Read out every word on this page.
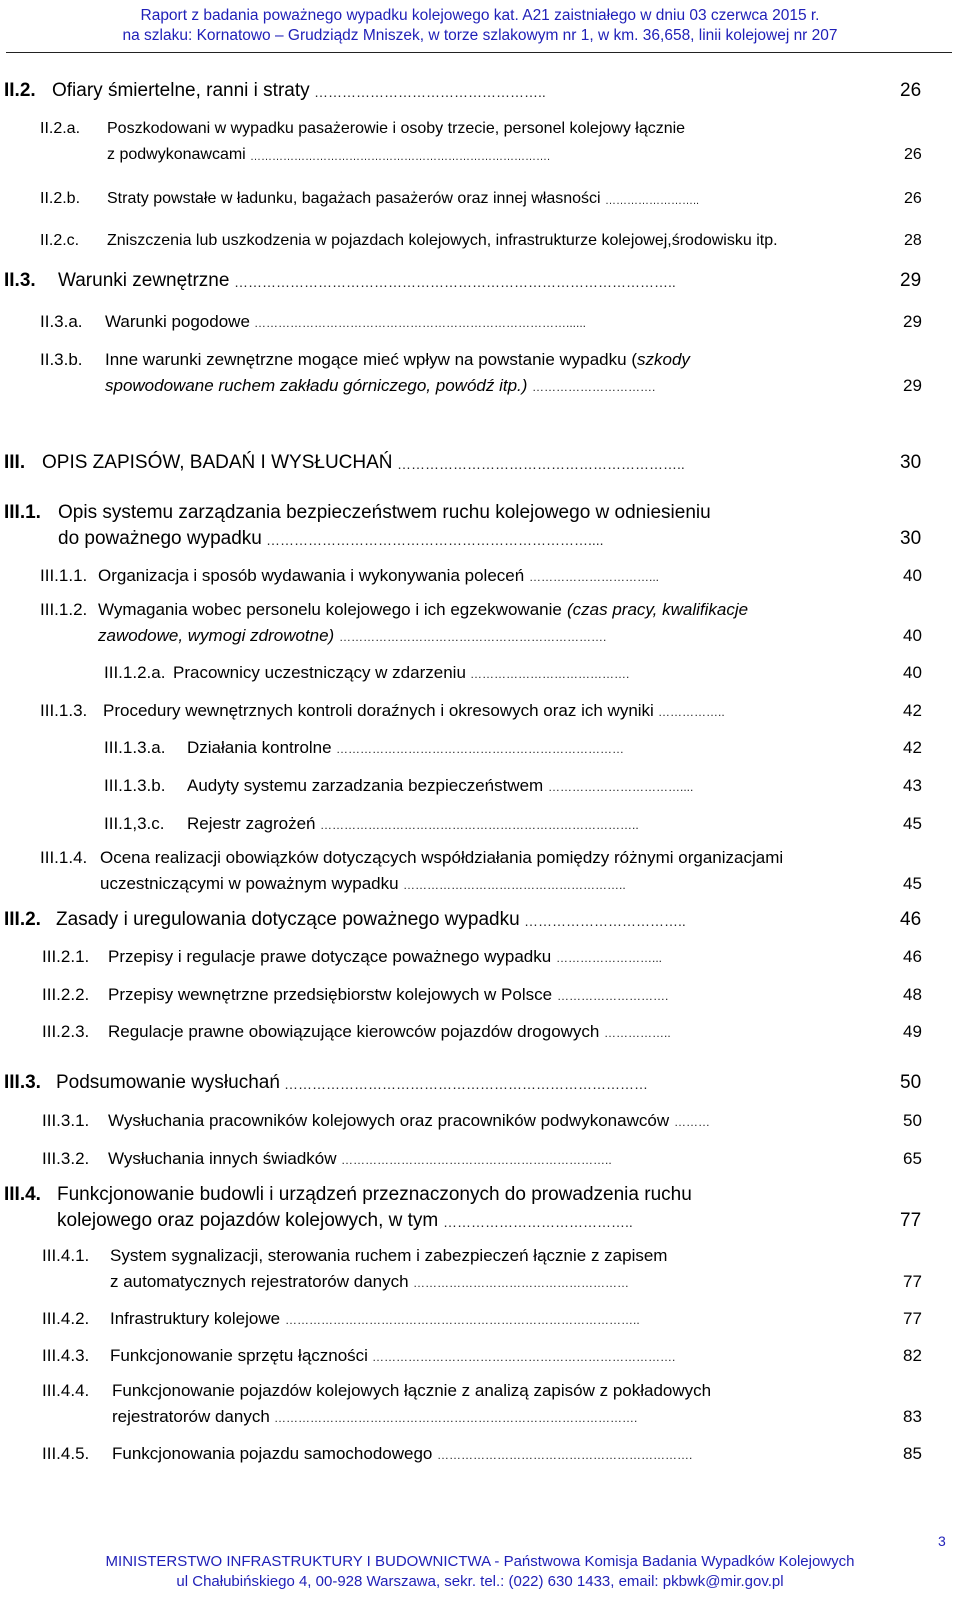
Raport z badania poważnego wypadku kolejowego kat. A21 zaistniałego w dniu 03 czerwca 2015 r.
na szlaku: Kornatowo – Grudziądz Mniszek, w torze szlakowym nr 1, w km. 36,658, linii kolejowej nr 207
II.2. Ofiary śmiertelne, ranni i straty	26
…………………………………………..
II.2.a. Poszkodowani w wypadku pasażerowie i osoby trzecie, personel kolejowy łącznie
z podwykonawcami	26
……………………………………………………………………….
II.2.b. Straty powstałe w ładunku, bagażach pasażerów oraz innej własności	26
……………………..
II.2.c. Zniszczenia lub uszkodzenia w pojazdach kolejowych, infrastrukturze kolejowej,środowisku itp.	28
II.3. Warunki zewnętrzne	29
…………………………………………………………………………………..
II.3.a. Warunki pogodowe	29
……………………………………………………………………......
II.3.b. Inne warunki zewnętrzne mogące mieć wpływ na powstanie wypadku ( szkody
spowodowane ruchem zakładu górniczego, powódź itp.)	29
………………………….
III. OPIS ZAPISÓW, BADAŃ I WYSŁUCHAŃ	30
……………………………………………………..
III.1. Opis systemu zarządzania bezpieczeństwem ruchu kolejowego w odniesieniu
do poważnego wypadku	30
……………………………………………………………....
III.1.1. Organizacja i sposób wydawania i wykonywania poleceń	40
…………………………...
III.1.2. Wymagania wobec personelu kolejowego i ich egzekwowanie (czas pracy, kwalifikacje
zawodowe, wymogi zdrowotne)	40
………………………………………………………….
III.1.2.a. Pracownicy uczestniczący w zdarzeniu	40
………………………………….
III.1.3. Procedury wewnętrznych kontroli doraźnych i okresowych oraz ich wyniki	42
……………..
III.1.3.a. Działania kontrolne	42
………………………………………………………………
III.1.3.b. Audyty systemu zarzadzania bezpieczeństwem	43
……………………………....
III.1,3.c. Rejestr zagrożeń	45
……………………………………………………………………..
III.1.4. Ocena realizacji obowiązków dotyczących współdziałania pomiędzy różnymi organizacjami
uczestniczącymi w poważnym wypadku	45
………………………………………………..
III.2. Zasady i uregulowania dotyczące poważnego wypadku	46
……………………………..
III.2.1. Przepisy i regulacje prawe dotyczące poważnego wypadku	46
……………………...
III.2.2. Przepisy wewnętrzne przedsiębiorstw kolejowych w Polsce	48
……………………….
III.2.3. Regulacje prawne obowiązujące kierowców pojazdów drogowych	49
……………..
III.3. Podsumowanie wysłuchań	50
……………………………………………………………………
III.3.1. Wysłuchania pracowników kolejowych oraz pracowników podwykonawców	50
………
III.3.2. Wysłuchania innych świadków	65
…………………………………………………………..
III.4. Funkcjonowanie budowli i urządzeń przeznaczonych do prowadzenia ruchu
kolejowego oraz pojazdów kolejowych, w tym	77
…………………………………..
III.4.1. System sygnalizacji, sterowania ruchem i zabezpieczeń łącznie z zapisem
z automatycznych rejestratorów danych	77
………………………………………………
III.4.2. Infrastruktury kolejowe	77
……………………………………………………………………………..
III.4.3. Funkcjonowanie sprzętu łączności	82
………………………………………………………………….
III.4.4. Funkcjonowanie pojazdów kolejowych łącznie z analizą zapisów z pokładowych
rejestratorów danych	83
……………………………………………………………………………….
III.4.5. Funkcjonowania pojazdu samochodowego	85
……………………………………………………….
3
MINISTERSTWO INFRASTRUKTURY I BUDOWNICTWA - Państwowa Komisja Badania Wypadków Kolejowych
ul Chałubińskiego 4, 00-928 Warszawa, sekr. tel.: (022) 630 1433, email: pkbwk@mir.gov.pl
